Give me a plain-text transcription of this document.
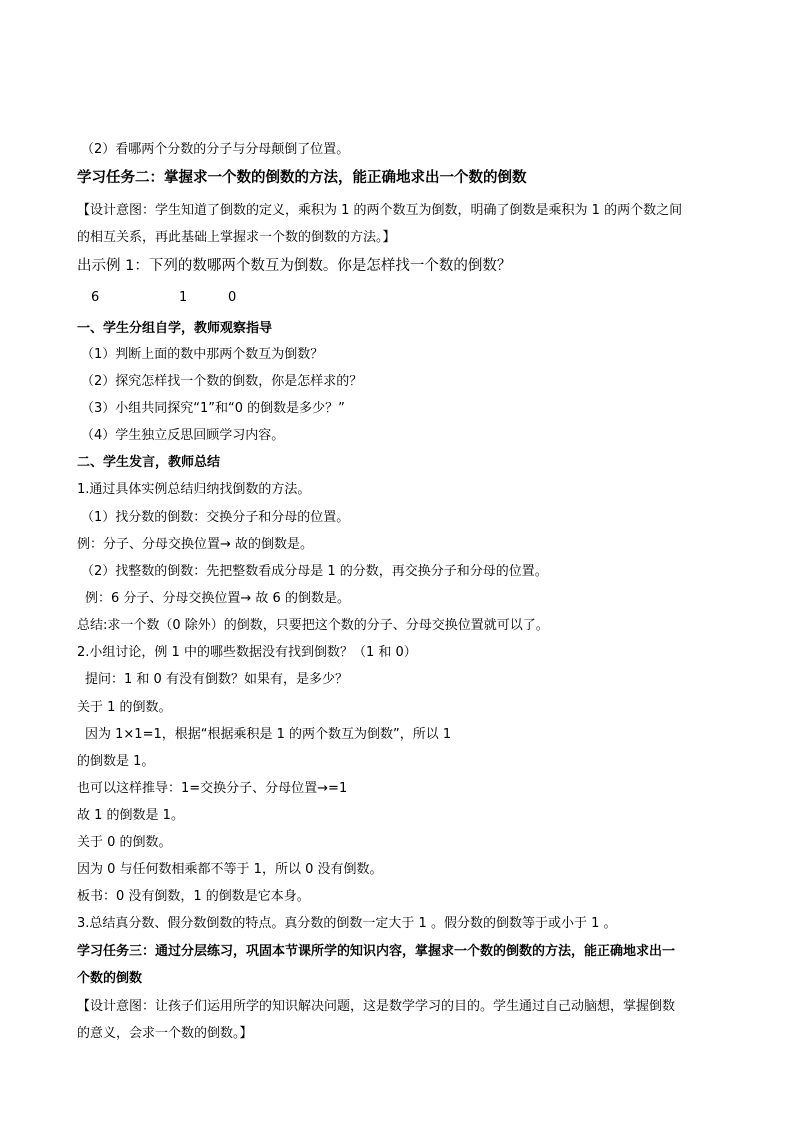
（2）看哪两个分数的分子与分母颠倒了位置。
学习任务二：掌握求一个数的倒数的方法，能正确地求出一个数的倒数
【设计意图：学生知道了倒数的定义，乘积为 1 的两个数互为倒数，明确了倒数是乘积为 1 的两个数之间
的相互关系，再此基础上掌握求一个数的倒数的方法。】
出示例 1：下列的数哪两个数互为倒数。你是怎样找一个数的倒数？
6	1	0
一、学生分组自学，教师观察指导
（1）判断上面的数中那两个数互为倒数？
（2）探究怎样找一个数的倒数，你是怎样求的？
（3）小组共同探究“1”和“0 的倒数是多少？”
（4）学生独立反思回顾学习内容。
二、学生发言，教师总结
1.通过具体实例总结归纳找倒数的方法。
（1）找分数的倒数：交换分子和分母的位置。
例：分子、分母交换位置→ 故的倒数是。
（2）找整数的倒数：先把整数看成分母是 1 的分数，再交换分子和分母的位置。
例：6 分子、分母交换位置→ 故 6 的倒数是。
总结:求一个数（0 除外）的倒数，只要把这个数的分子、分母交换位置就可以了。
2.小组讨论，例 1 中的哪些数据没有找到倒数？（1 和 0）
提问：1 和 0 有没有倒数？如果有，是多少？
关于 1 的倒数。
因为 1×1=1，根据“根据乘积是 1 的两个数互为倒数”，所以 1
的倒数是 1。
也可以这样推导：1=交换分子、分母位置→=1
故 1 的倒数是 1。
关于 0 的倒数。
因为 0 与任何数相乘都不等于 1，所以 0 没有倒数。
板书：0 没有倒数，1 的倒数是它本身。
3.总结真分数、假分数倒数的特点。真分数的倒数一定大于 1 。假分数的倒数等于或小于 1 。
学习任务三：通过分层练习，巩固本节课所学的知识内容，掌握求一个数的倒数的方法，能正确地求出一
个数的倒数
【设计意图：让孩子们运用所学的知识解决问题，这是数学学习的目的。学生通过自己动脑想，掌握倒数
的意义，会求一个数的倒数。】
